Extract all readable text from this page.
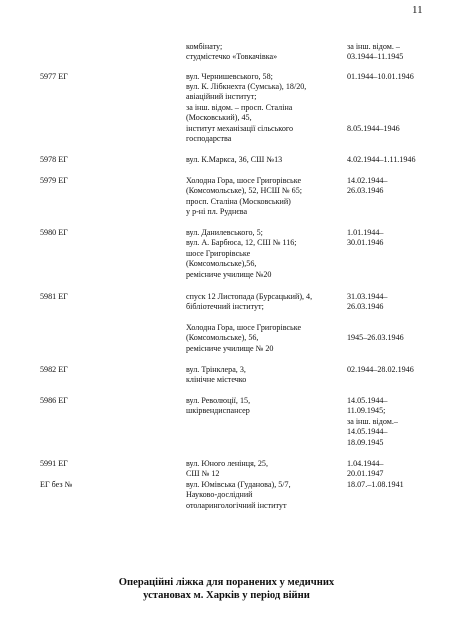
11
комбінату;	за інш. відом. –
студмістечко «Товкачівка»	03.1944–11.1945
5977 ЕГ	вул. Чернишевського, 58;	01.1944–10.01.1946
вул. К. Лібкнехта (Сумська), 18/20,
авіаційний інститут;
за інш. відом. – просп. Сталіна
(Московський), 45,
інститут механізації сільського	8.05.1944–1946
господарства
5978 ЕГ	вул. К.Маркса, 36, СШ №13	4.02.1944–1.11.1946
5979 ЕГ	Холодна Гора, шосе Григорівське	14.02.1944–
(Комсомольське), 52, НСШ № 65;	26.03.1946
просп. Сталіна (Московський)
у р-ні пл. Руднєва
5980 ЕГ	вул. Данилевського, 5;	1.01.1944–
вул. А. Барбюса, 12, СШ № 116;	30.01.1946
шосе Григорівське
(Комсомольське),56,
ремісниче училище №20
5981 ЕГ	спуск 12 Листопада (Бурсацький), 4,	31.03.1944–
бібліотечний інститут;	26.03.1946
Холодна Гора, шосе Григорівське
(Комсомольське), 56,	1945–26.03.1946
ремісниче училище № 20
5982 ЕГ	вул. Трінклера, 3,	02.1944–28.02.1946
клінічне містечко
5986 ЕГ	вул. Революції, 15,	14.05.1944–
шкірвендиспансер	11.09.1945;
за інш. відом.–
14.05.1944–
18.09.1945
5991 ЕГ	вул. Юного ленінця, 25,	1.04.1944–
СШ № 12	20.01.1947
ЕГ без №	вул. Юмівська (Гуданова), 5/7,	18.07.–1.08.1941
Науково-дослідний
отоларингологічний інститут
Операційні ліжка для поранених у медичних
установах м. Харків у період війни
